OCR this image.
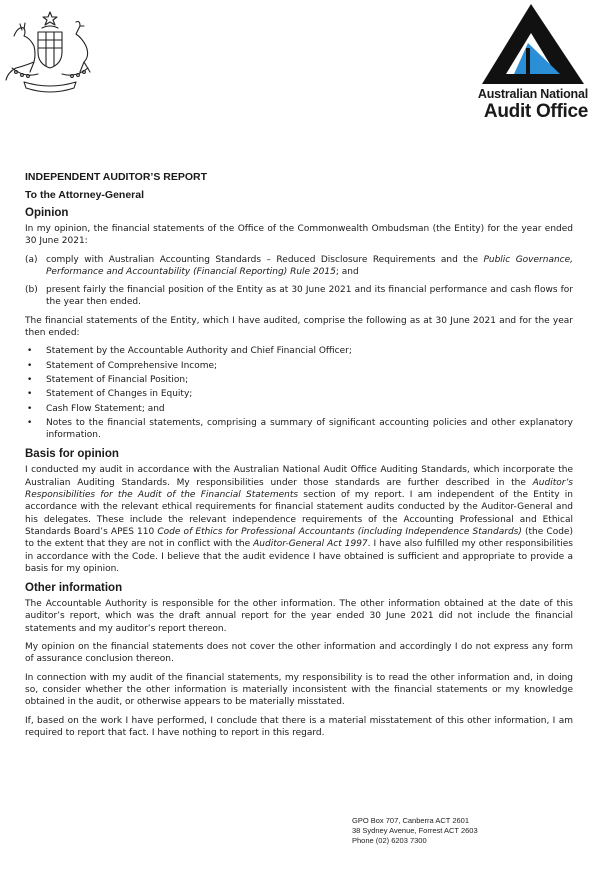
Australian National
Audit Office
INDEPENDENT AUDITOR’S REPORT
To the Attorney-General
Opinion
In my opinion, the financial statements of the Office of the Commonwealth Ombudsman (the Entity) for the year ended 30 June 2021:
(a) comply with Australian Accounting Standards – Reduced Disclosure Requirements and the Public Governance, Performance and Accountability (Financial Reporting) Rule 2015; and
(b) present fairly the financial position of the Entity as at 30 June 2021 and its financial performance and cash flows for the year then ended.
The financial statements of the Entity, which I have audited, comprise the following as at 30 June 2021 and for the year then ended:
• Statement by the Accountable Authority and Chief Financial Officer;
• Statement of Comprehensive Income;
• Statement of Financial Position;
• Statement of Changes in Equity;
• Cash Flow Statement; and
• Notes to the financial statements, comprising a summary of significant accounting policies and other explanatory information.
Basis for opinion
I conducted my audit in accordance with the Australian National Audit Office Auditing Standards, which incorporate the Australian Auditing Standards. My responsibilities under those standards are further described in the Auditor’s Responsibilities for the Audit of the Financial Statements section of my report. I am independent of the Entity in accordance with the relevant ethical requirements for financial statement audits conducted by the Auditor-General and his delegates. These include the relevant independence requirements of the Accounting Professional and Ethical Standards Board’s APES 110 Code of Ethics for Professional Accountants (including Independence Standards) (the Code) to the extent that they are not in conflict with the Auditor-General Act 1997. I have also fulfilled my other responsibilities in accordance with the Code. I believe that the audit evidence I have obtained is sufficient and appropriate to provide a basis for my opinion.
Other information
The Accountable Authority is responsible for the other information. The other information obtained at the date of this auditor’s report, which was the draft annual report for the year ended 30 June 2021 did not include the financial statements and my auditor’s report thereon.
My opinion on the financial statements does not cover the other information and accordingly I do not express any form of assurance conclusion thereon.
In connection with my audit of the financial statements, my responsibility is to read the other information and, in doing so, consider whether the other information is materially inconsistent with the financial statements or my knowledge obtained in the audit, or otherwise appears to be materially misstated.
If, based on the work I have performed, I conclude that there is a material misstatement of this other information, I am required to report that fact. I have nothing to report in this regard.
GPO Box 707, Canberra ACT 2601
38 Sydney Avenue, Forrest ACT 2603
Phone (02) 6203 7300
